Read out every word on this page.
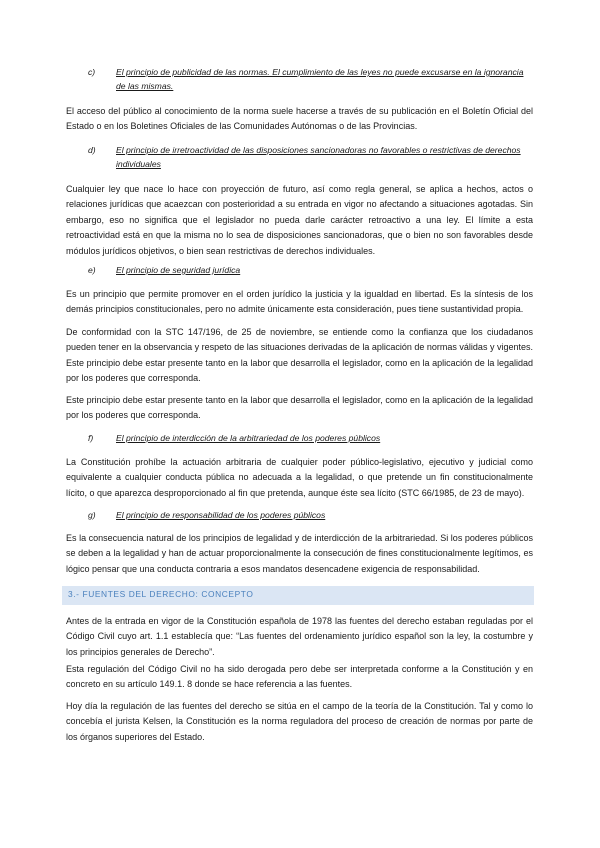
c) El principio de publicidad de las normas. El cumplimiento de las leyes no puede excusarse en la ignorancia
de las mismas.

El acceso del público al conocimiento de la norma suele hacerse a través de su publicación en el Boletín Oficial del Estado o en los Boletines Oficiales de las Comunidades Autónomas o de las Provincias.

d) El principio de irretroactividad de las disposiciones sancionadoras no favorables o restrictivas de derechos
individuales

Cualquier ley que nace lo hace con proyección de futuro, así como regla general, se aplica a hechos, actos o relaciones jurídicas que acaezcan con posterioridad a su entrada en vigor no afectando a situaciones agotadas. Sin embargo, eso no significa que el legislador no pueda darle carácter retroactivo a una ley. El límite a esta retroactividad está en que la misma no lo sea de disposiciones sancionadoras, que o bien no son favorables desde módulos jurídicos objetivos, o bien sean restrictivas de derechos individuales.

e) El principio de seguridad jurídica

Es un principio que permite promover en el orden jurídico la justicia y la igualdad en libertad. Es la síntesis de los demás principios constitucionales, pero no admite únicamente esta consideración, pues tiene sustantividad propia.

De conformidad con la STC 147/196, de 25 de noviembre, se entiende como la confianza que los ciudadanos pueden tener en la observancia y respeto de las situaciones derivadas de la aplicación de normas válidas y vigentes. Este principio debe estar presente tanto en la labor que desarrolla el legislador, como en la aplicación de la legalidad por los poderes que corresponda.

Este principio debe estar presente tanto en la labor que desarrolla el legislador, como en la aplicación de la legalidad por los poderes que corresponda.

f)	El principio de interdicción de la arbitrariedad de los poderes públicos

La Constitución prohíbe la actuación arbitraria de cualquier poder público-legislativo, ejecutivo y judicial como equivalente a cualquier conducta pública no adecuada a la legalidad, o que pretende un fin constitucionalmente lícito, o que aparezca desproporcionado al fin que pretenda, aunque éste sea lícito (STC 66/1985, de 23 de mayo).

g) El principio de responsabilidad de los poderes públicos

Es la consecuencia natural de los principios de legalidad y de interdicción de la arbitrariedad. Si los poderes públicos se deben a la legalidad y han de actuar proporcionalmente la consecución de fines constitucionalmente legítimos, es lógico pensar que una conducta contraria a esos mandatos desencadene exigencia de responsabilidad.

3.- FUENTES DEL DERECHO: CONCEPTO

Antes de la entrada en vigor de la Constitución española de 1978 las fuentes del derecho estaban reguladas por el Código Civil cuyo art. 1.1 establecía que: “Las fuentes del ordenamiento jurídico español son la ley, la costumbre y los principios generales de Derecho”.

Esta regulación del Código Civil no ha sido derogada pero debe ser interpretada conforme a la Constitución y en concreto en su artículo 149.1. 8 donde se hace referencia a las fuentes.

Hoy día la regulación de las fuentes del derecho se sitúa en el campo de la teoría de la Constitución. Tal y como lo concebía el jurista Kelsen, la Constitución es la norma reguladora del proceso de creación de normas por parte de los órganos superiores del Estado.
